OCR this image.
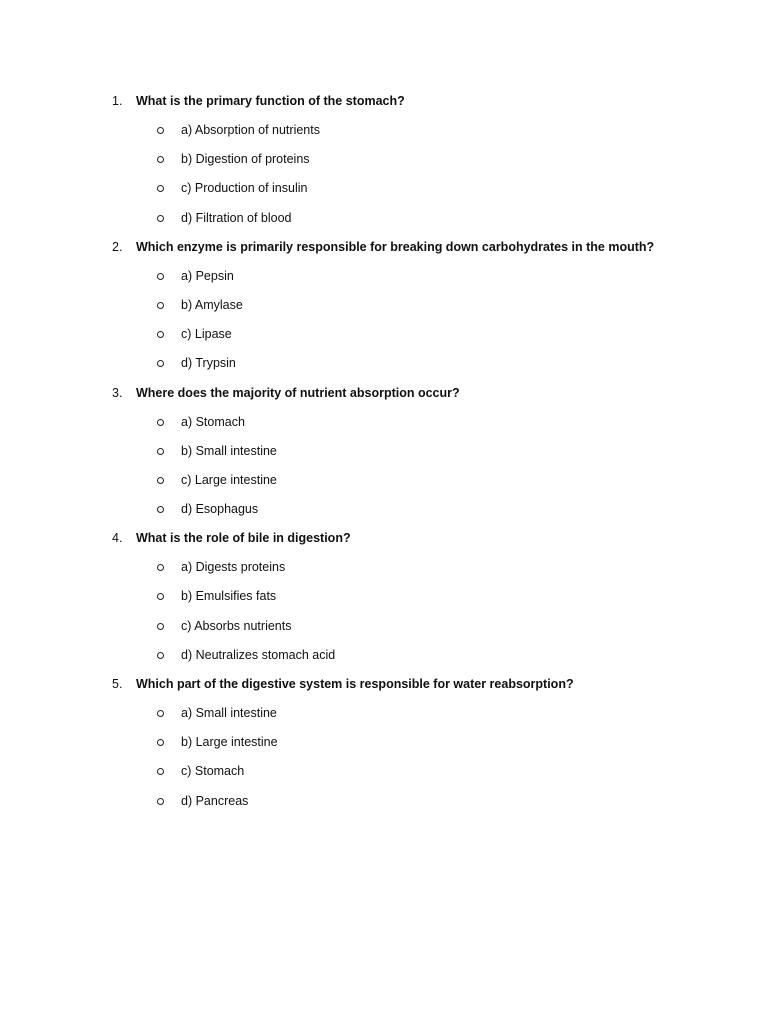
1. What is the primary function of the stomach?
a) Absorption of nutrients
b) Digestion of proteins
c) Production of insulin
d) Filtration of blood
2. Which enzyme is primarily responsible for breaking down carbohydrates in the mouth?
a) Pepsin
b) Amylase
c) Lipase
d) Trypsin
3. Where does the majority of nutrient absorption occur?
a) Stomach
b) Small intestine
c) Large intestine
d) Esophagus
4. What is the role of bile in digestion?
a) Digests proteins
b) Emulsifies fats
c) Absorbs nutrients
d) Neutralizes stomach acid
5. Which part of the digestive system is responsible for water reabsorption?
a) Small intestine
b) Large intestine
c) Stomach
d) Pancreas
